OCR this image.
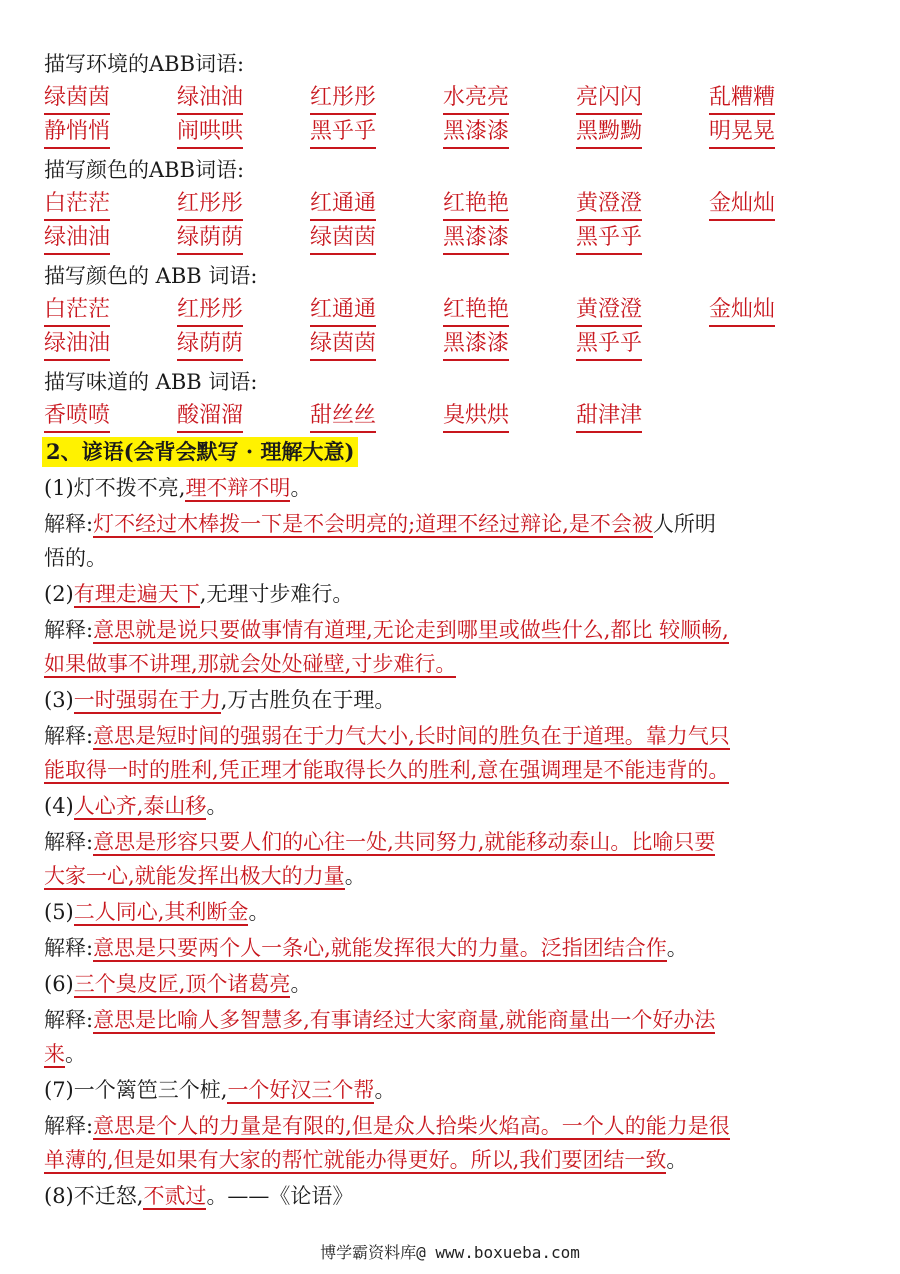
描写环境的ABB词语:
绿茵茵	绿油油	红彤彤	水亮亮	亮闪闪	乱糟糟
静悄悄	闹哄哄	黑乎乎	黑漆漆	黑黝黝	明晃晃
描写颜色的ABB词语:
白茫茫	红彤彤	红通通	红艳艳	黄澄澄	金灿灿
绿油油	绿荫荫	绿茵茵	黑漆漆	黑乎乎
描写颜色的 ABB 词语:
白茫茫	红彤彤	红通通	红艳艳	黄澄澄	金灿灿
绿油油	绿荫荫	绿茵茵	黑漆漆	黑乎乎
描写味道的 ABB 词语:
香喷喷	酸溜溜	甜丝丝	臭烘烘	甜津津
2、谚语(会背会默写 · 理解大意)
(1)灯不拨不亮,理不辩不明。
解释:灯不经过木棒拨一下是不会明亮的;道理不经过辩论,是不会被人所明
悟的。
(2)有理走遍天下,无理寸步难行。
解释:意思就是说只要做事情有道理,无论走到哪里或做些什么,都比 较顺畅,
如果做事不讲理,那就会处处碰壁,寸步难行。
(3)一时强弱在于力,万古胜负在于理。
解释:意思是短时间的强弱在于力气大小,长时间的胜负在于道理。靠力气只
能取得一时的胜利,凭正理才能取得长久的胜利,意在强调理是不能违背的。
(4)人心齐,泰山移。
解释:意思是形容只要人们的心往一处,共同努力,就能移动泰山。比喻只要
大家一心,就能发挥出极大的力量。
(5)二人同心,其利断金。
解释:意思是只要两个人一条心,就能发挥很大的力量。泛指团结合作。
(6)三个臭皮匠,顶个诸葛亮。
解释:意思是比喻人多智慧多,有事请经过大家商量,就能商量出一个好办法
来。
(7)一个篱笆三个桩,一个好汉三个帮。
解释:意思是个人的力量是有限的,但是众人拾柴火焰高。一个人的能力是很
单薄的,但是如果有大家的帮忙就能办得更好。所以,我们要团结一致。
(8)不迁怒,不贰过。——《论语》
博学霸资料库@ www.boxueba.com
